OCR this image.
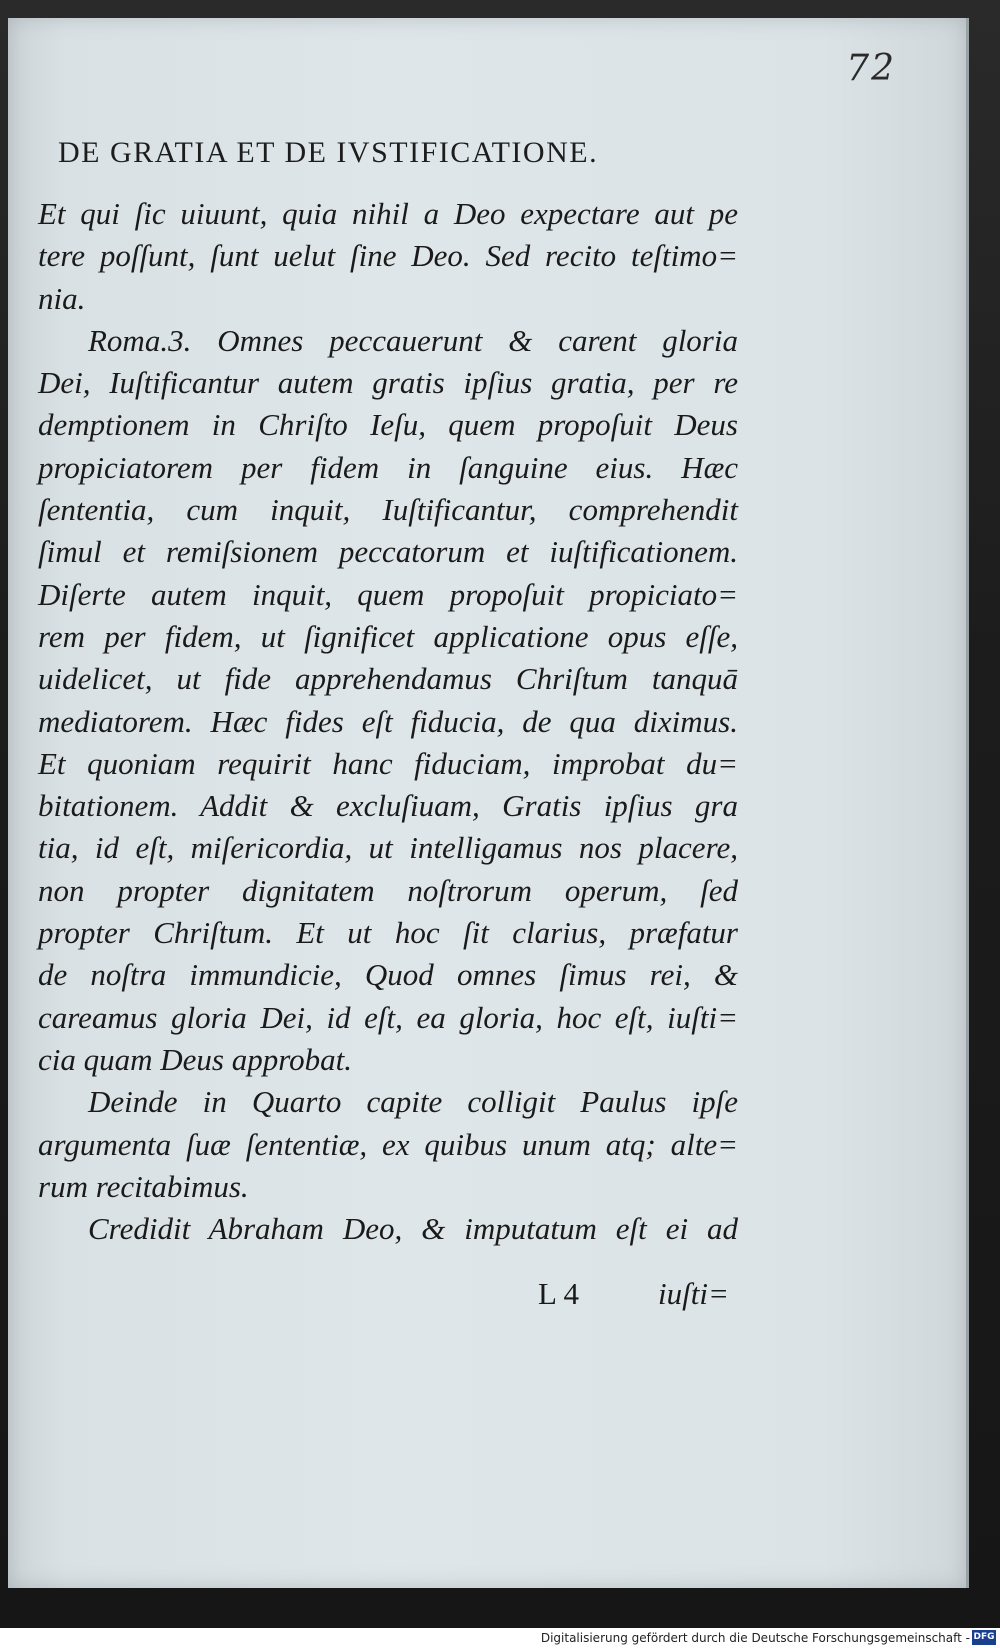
72
DE GRATIA ET DE IVSTIFICATIONE.
Et qui ſic uiuunt, quia nihil a Deo expectare aut pe
tere poſſunt, ſunt uelut ſine Deo. Sed recito teſtimo=
nia.
Roma.3. Omnes peccauerunt & carent gloria
Dei, Iuſtificantur autem gratis ipſius gratia, per re
demptionem in Chriſto Ieſu, quem propoſuit Deus
propiciatorem per fidem in ſanguine eius. Hæc
ſententia, cum inquit, Iuſtificantur, comprehendit
ſimul et remiſsionem peccatorum et iuſtificationem.
Diſerte autem inquit, quem propoſuit propiciato=
rem per fidem, ut ſignificet applicatione opus eſſe,
uidelicet, ut fide apprehendamus Chriſtum tanquā
mediatorem. Hæc fides eſt fiducia, de qua diximus.
Et quoniam requirit hanc fiduciam, improbat du=
bitationem. Addit & excluſiuam, Gratis ipſius gra
tia, id eſt, miſericordia, ut intelligamus nos placere,
non propter dignitatem noſtrorum operum, ſed
propter Chriſtum. Et ut hoc ſit clarius, præfatur
de noſtra immundicie, Quod omnes ſimus rei, &
careamus gloria Dei, id eſt, ea gloria, hoc eſt, iuſti=
cia quam Deus approbat.
Deinde in Quarto capite colligit Paulus ipſe
argumenta ſuæ ſententiæ, ex quibus unum atq; alte=
rum recitabimus.
Credidit Abraham Deo, & imputatum eſt ei ad
L 4	iuſti=
Digitalisierung gefördert durch die Deutsche Forschungsgemeinschaft - DFG
